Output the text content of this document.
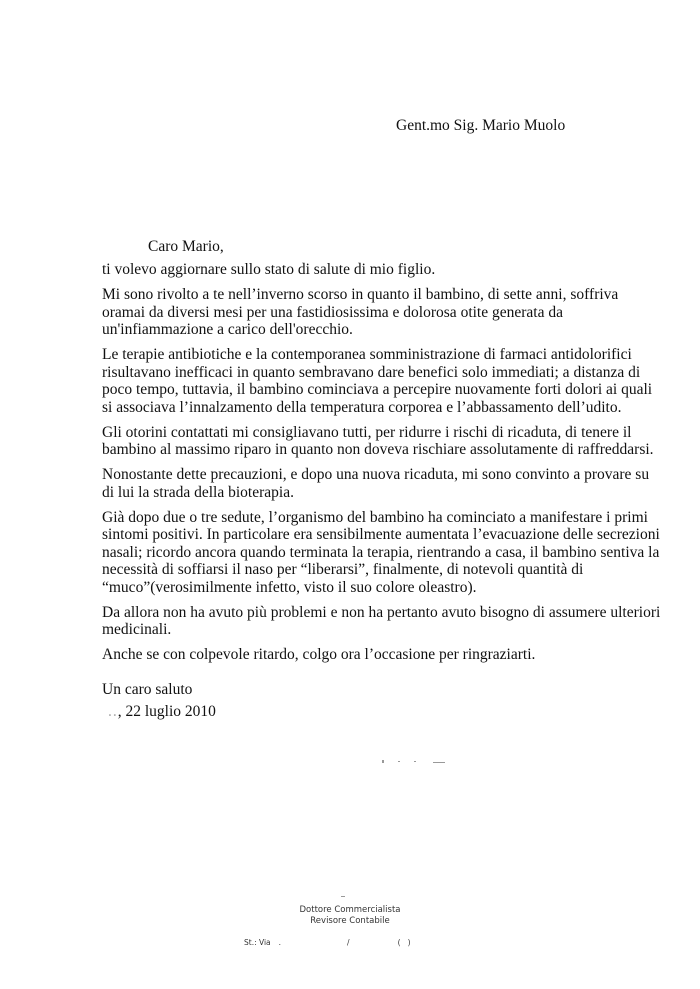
Gent.mo Sig. Mario Muolo
Caro Mario,

ti volevo aggiornare sullo stato di salute di mio figlio.

Mi sono rivolto a te nell’inverno scorso in quanto il bambino, di sette anni, soffriva oramai da diversi mesi per una fastidiosissima e dolorosa otite generata da un'infiammazione a carico dell'orecchio.

Le terapie antibiotiche e la contemporanea somministrazione di farmaci antidolorifici risultavano inefficaci in quanto sembravano dare benefici solo immediati; a distanza di poco tempo, tuttavia, il bambino cominciava a percepire nuovamente forti dolori ai quali si associava l’innalzamento della temperatura corporea e l’abbassamento dell’udito.

Gli otorini contattati mi consigliavano tutti, per ridurre i rischi di ricaduta, di tenere il bambino al massimo riparo in quanto non doveva rischiare assolutamente di raffreddarsi.

Nonostante dette precauzioni, e dopo una nuova ricaduta, mi sono convinto a provare su di lui la strada della bioterapia.

Già dopo due o tre sedute, l’organismo del bambino ha cominciato a manifestare i primi sintomi positivi. In particolare era sensibilmente aumentata l’evacuazione delle secrezioni nasali; ricordo ancora quando terminata la terapia, rientrando a casa, il bambino sentiva la necessità di soffiarsi il naso per “liberarsi”, finalmente, di notevoli quantità di “muco”(verosimilmente infetto, visto il suo colore oleastro).

Da allora non ha avuto più problemi e non ha pertanto avuto bisogno di assumere ulteriori medicinali.

Anche se con colpevole ritardo, colgo ora l’occasione per ringraziarti.

Un caro saluto
.., 22 luglio 2010
Dottore Commercialista
Revisore Contabile
St.: Via .	/	( )
